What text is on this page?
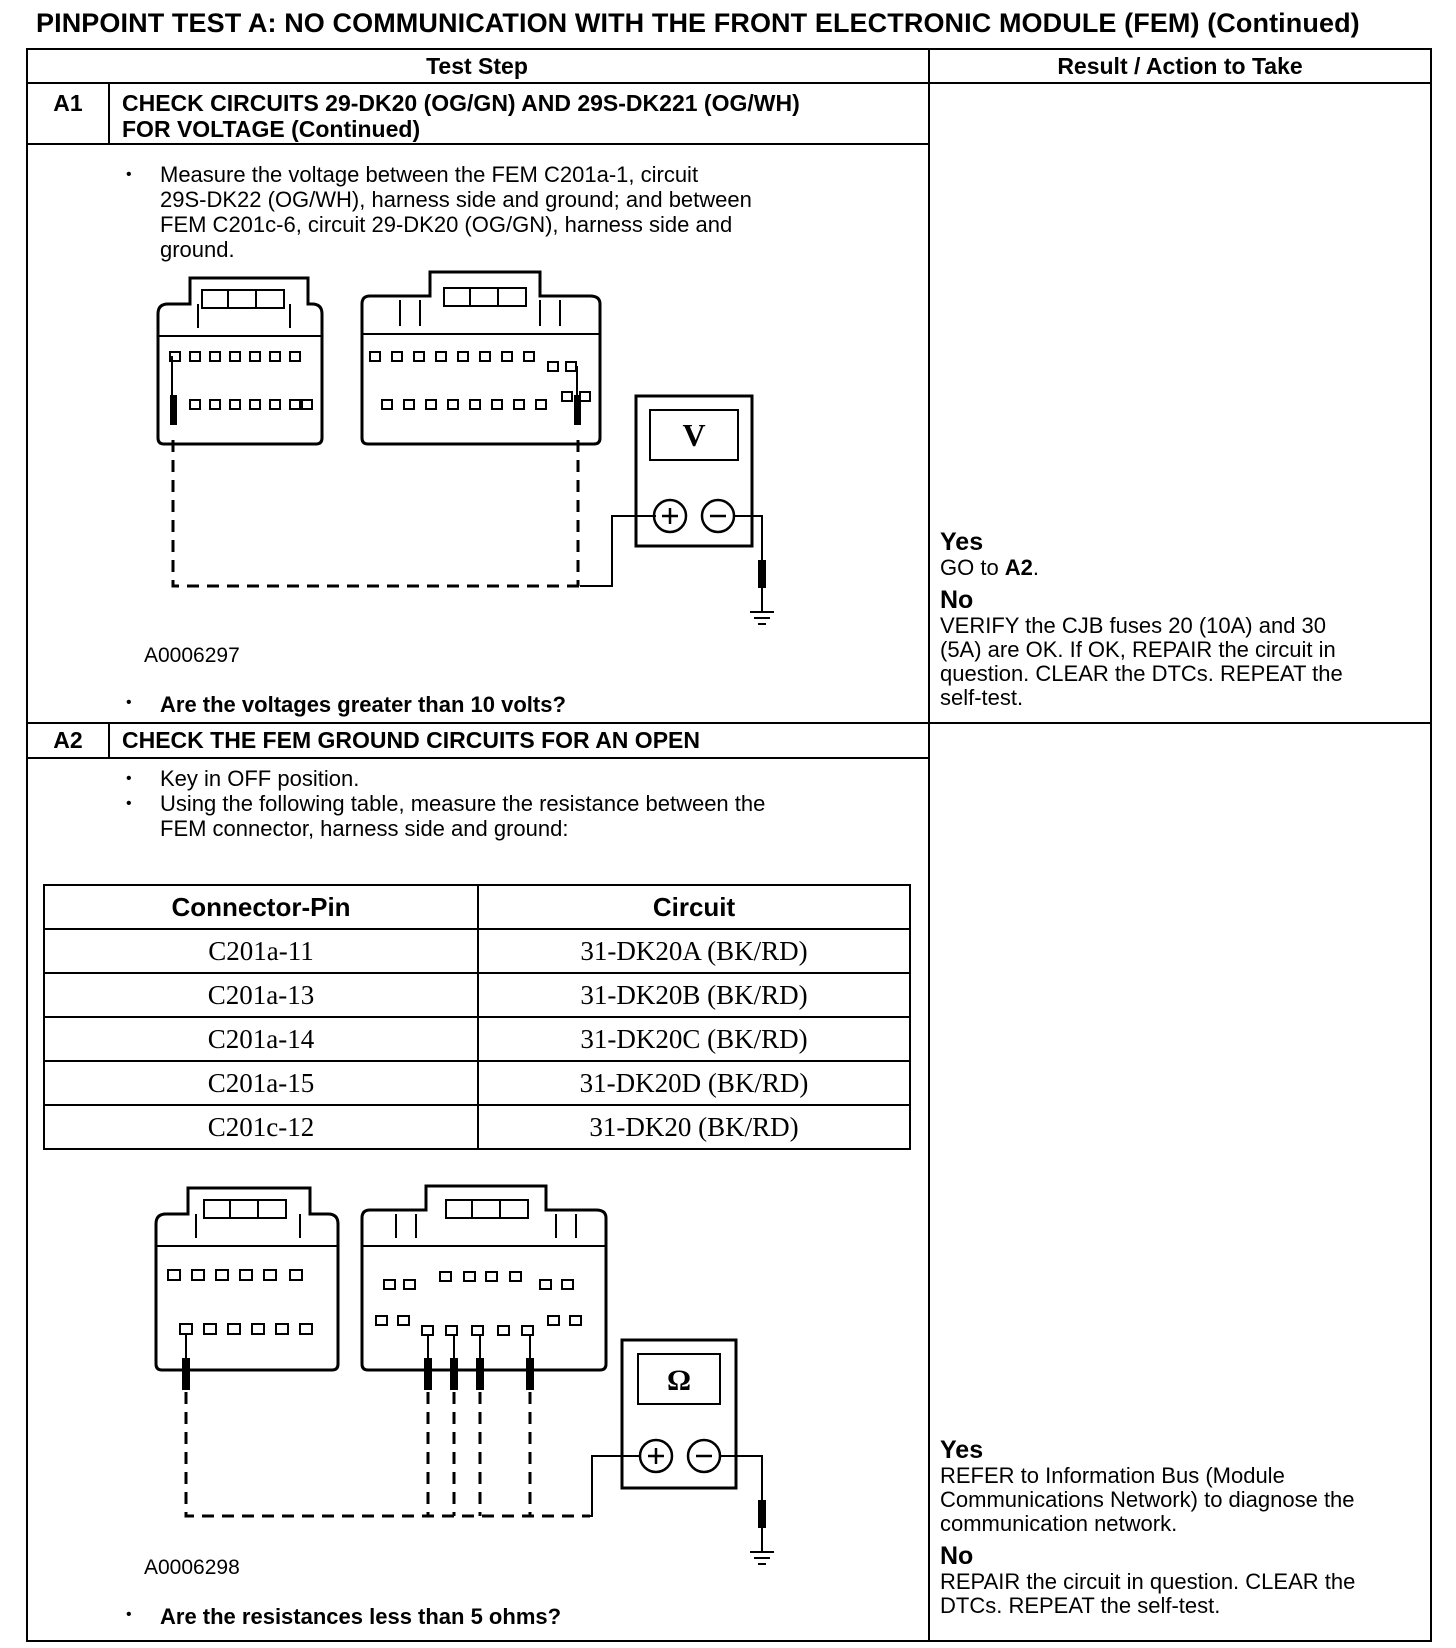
PINPOINT TEST A: NO COMMUNICATION WITH THE FRONT ELECTRONIC MODULE (FEM) (Continued)
Test Step	Result / Action to Take
A1	CHECK CIRCUITS 29-DK20 (OG/GN) AND 29S-DK221 (OG/WH)
FOR VOLTAGE (Continued)
• Measure the voltage between the FEM C201a-1, circuit
29S-DK22 (OG/WH), harness side and ground; and between
FEM C201c-6, circuit 29-DK20 (OG/GN), harness side and
ground.
V
A0006297
• Are the voltages greater than 10 volts?
Yes
GO to A2.
No
VERIFY the CJB fuses 20 (10A) and 30
(5A) are OK. If OK, REPAIR the circuit in
question. CLEAR the DTCs. REPEAT the
self-test.
A2	CHECK THE FEM GROUND CIRCUITS FOR AN OPEN
• Key in OFF position.
• Using the following table, measure the resistance between the
FEM connector, harness side and ground:
Connector-Pin	Circuit
C201a-11	31-DK20A (BK/RD)
C201a-13	31-DK20B (BK/RD)
C201a-14	31-DK20C (BK/RD)
C201a-15	31-DK20D (BK/RD)
C201c-12	31-DK20 (BK/RD)
Ω
A0006298
• Are the resistances less than 5 ohms?
Yes
REFER to Information Bus (Module
Communications Network) to diagnose the
communication network.
No
REPAIR the circuit in question. CLEAR the
DTCs. REPEAT the self-test.
